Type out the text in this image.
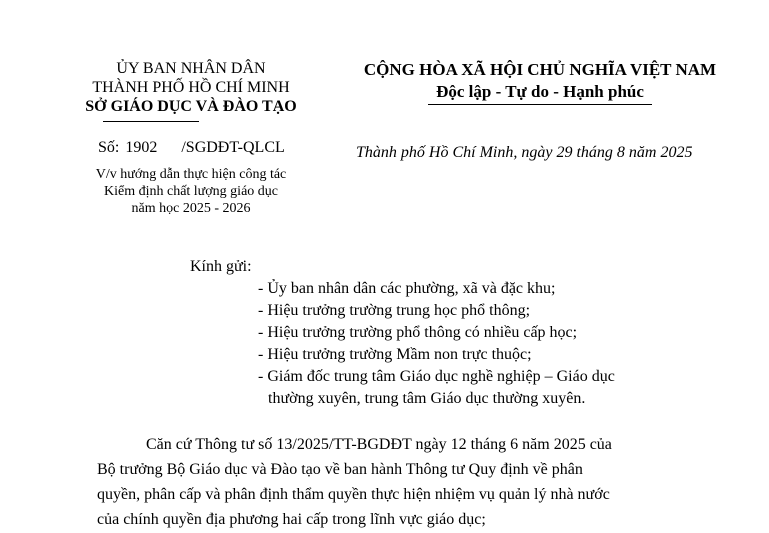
ỦY BAN NHÂN DÂN
THÀNH PHỐ HỒ CHÍ MINH
SỞ GIÁO DỤC VÀ ĐÀO TẠO
CỘNG HÒA XÃ HỘI CHỦ NGHĨA VIỆT NAM
Độc lập - Tự do - Hạnh phúc
Số: 1902 /SGDĐT-QLCL	Thành phố Hồ Chí Minh, ngày 29 tháng 8 năm 2025
V/v hướng dẫn thực hiện công tác
Kiểm định chất lượng giáo dục
năm học 2025 - 2026
Kính gửi:
- Ủy ban nhân dân các phường, xã và đặc khu;
- Hiệu trưởng trường trung học phổ thông;
- Hiệu trưởng trường phổ thông có nhiều cấp học;
- Hiệu trưởng trường Mầm non trực thuộc;
- Giám đốc trung tâm Giáo dục nghề nghiệp – Giáo dục
thường xuyên, trung tâm Giáo dục thường xuyên.
Căn cứ Thông tư số 13/2025/TT-BGDĐT ngày 12 tháng 6 năm 2025 của
Bộ trưởng Bộ Giáo dục và Đào tạo về ban hành Thông tư Quy định về phân
quyền, phân cấp và phân định thẩm quyền thực hiện nhiệm vụ quản lý nhà nước
của chính quyền địa phương hai cấp trong lĩnh vực giáo dục;
